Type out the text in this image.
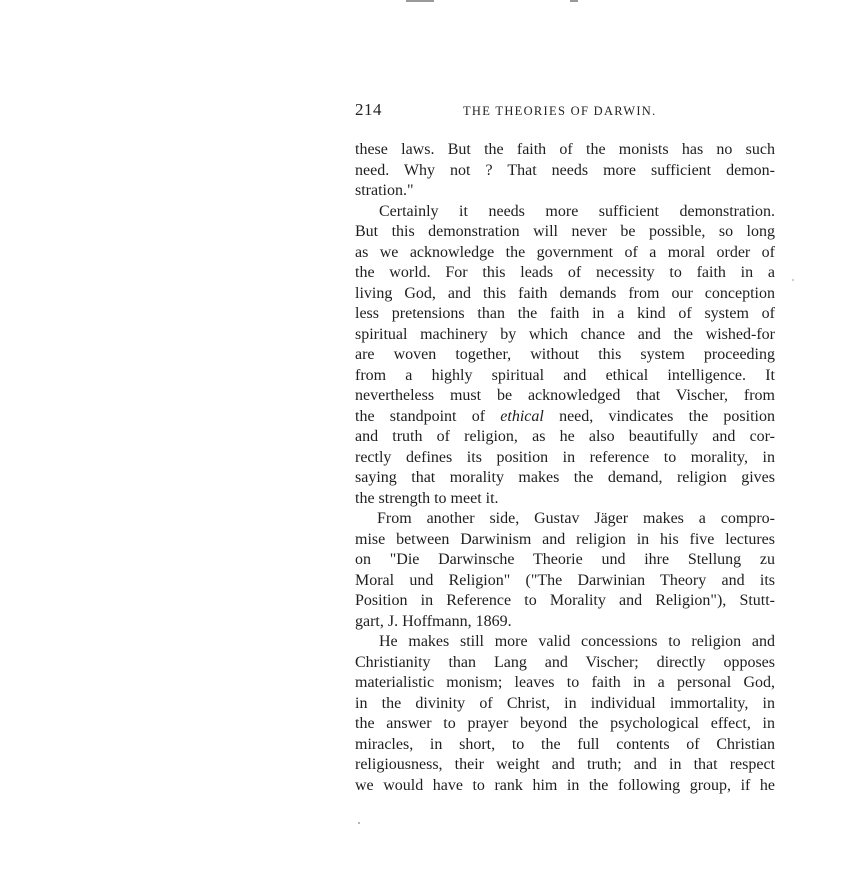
214	THE THEORIES OF DARWIN.
these laws. But the faith of the monists has no such
need. Why not ? That needs more sufficient demon-
stration."
Certainly it needs more sufficient demonstration.
But this demonstration will never be possible, so long
as we acknowledge the government of a moral order of
the world. For this leads of necessity to faith in a
living God, and this faith demands from our conception
less pretensions than the faith in a kind of system of
spiritual machinery by which chance and the wished-for
are woven together, without this system proceeding
from a highly spiritual and ethical intelligence. It
nevertheless must be acknowledged that Vischer, from
the standpoint of ethical need, vindicates the position
and truth of religion, as he also beautifully and cor-
rectly defines its position in reference to morality, in
saying that morality makes the demand, religion gives
the strength to meet it.
From another side, Gustav Jäger makes a compro-
mise between Darwinism and religion in his five lectures
on "Die Darwinsche Theorie und ihre Stellung zu
Moral und Religion" ("The Darwinian Theory and its
Position in Reference to Morality and Religion"), Stutt-
gart, J. Hoffmann, 1869.
He makes still more valid concessions to religion and
Christianity than Lang and Vischer; directly opposes
materialistic monism; leaves to faith in a personal God,
in the divinity of Christ, in individual immortality, in
the answer to prayer beyond the psychological effect, in
miracles, in short, to the full contents of Christian
religiousness, their weight and truth; and in that respect
we would have to rank him in the following group, if he
